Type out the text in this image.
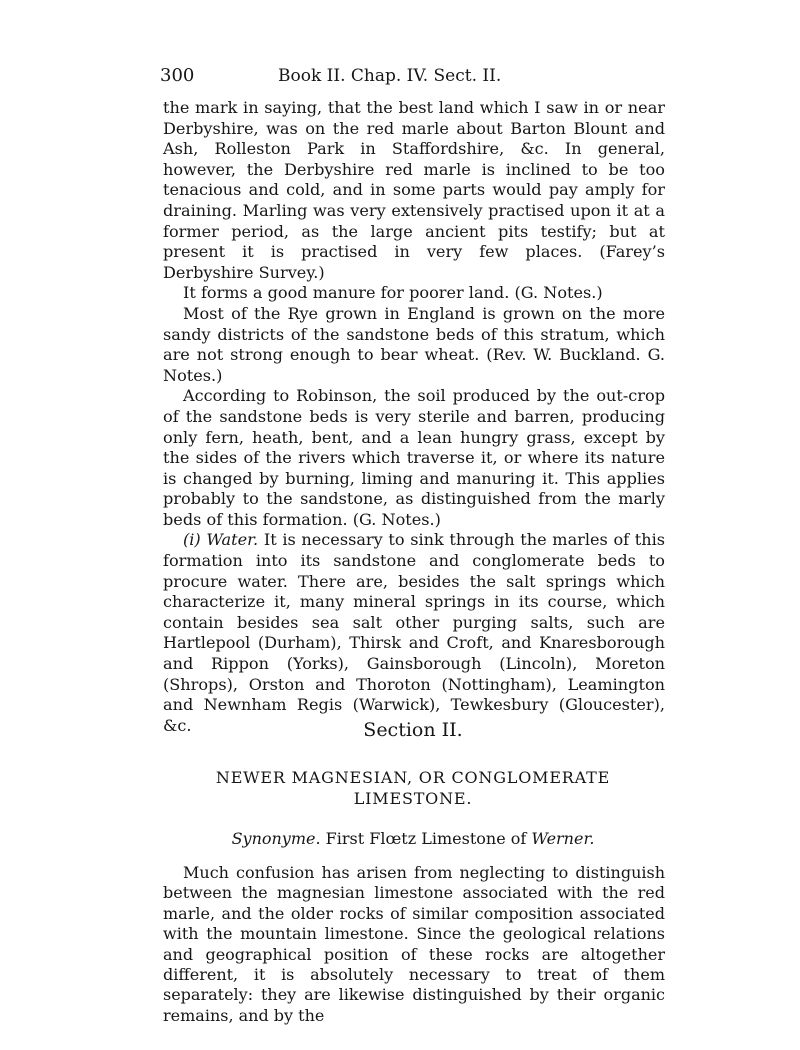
300	Book II. Chap. IV. Sect. II.

the mark in saying, that the best land which I saw in or near Derbyshire, was on the red marle about Barton Blount and Ash, Rolleston Park in Staffordshire, &c. In general, however, the Derbyshire red marle is inclined to be too tenacious and cold, and in some parts would pay amply for draining. Marling was very extensively practised upon it at a former period, as the large ancient pits testify; but at present it is practised in very few places. (Farey’s Derbyshire Survey.)

It forms a good manure for poorer land. (G. Notes.)

Most of the Rye grown in England is grown on the more sandy districts of the sandstone beds of this stratum, which are not strong enough to bear wheat. (Rev. W. Buckland. G. Notes.)

According to Robinson, the soil produced by the out-crop of the sandstone beds is very sterile and barren, producing only fern, heath, bent, and a lean hungry grass, except by the sides of the rivers which traverse it, or where its nature is changed by burning, liming and manuring it. This applies probably to the sandstone, as distinguished from the marly beds of this formation. (G. Notes.)

(i) Water. It is necessary to sink through the marles of this formation into its sandstone and conglomerate beds to procure water. There are, besides the salt springs which characterize it, many mineral springs in its course, which contain besides sea salt other purging salts, such are Hartlepool (Durham), Thirsk and Croft, and Knaresborough and Rippon (Yorks), Gainsborough (Lincoln), Moreton (Shrops), Orston and Thoroton (Nottingham), Leamington and Newnham Regis (Warwick), Tewkesbury (Gloucester), &c.	Section II.
NEWER MAGNESIAN, OR CONGLOMERATE
LIMESTONE.
Synonyme. First Flœtz Limestone of Werner.

Much confusion has arisen from neglecting to distinguish between the magnesian limestone associated with the red marle, and the older rocks of similar composition associated with the mountain limestone. Since the geological relations and geographical position of these rocks are altogether different, it is absolutely necessary to treat of them separately: they are likewise distinguished by their organic remains, and by the
